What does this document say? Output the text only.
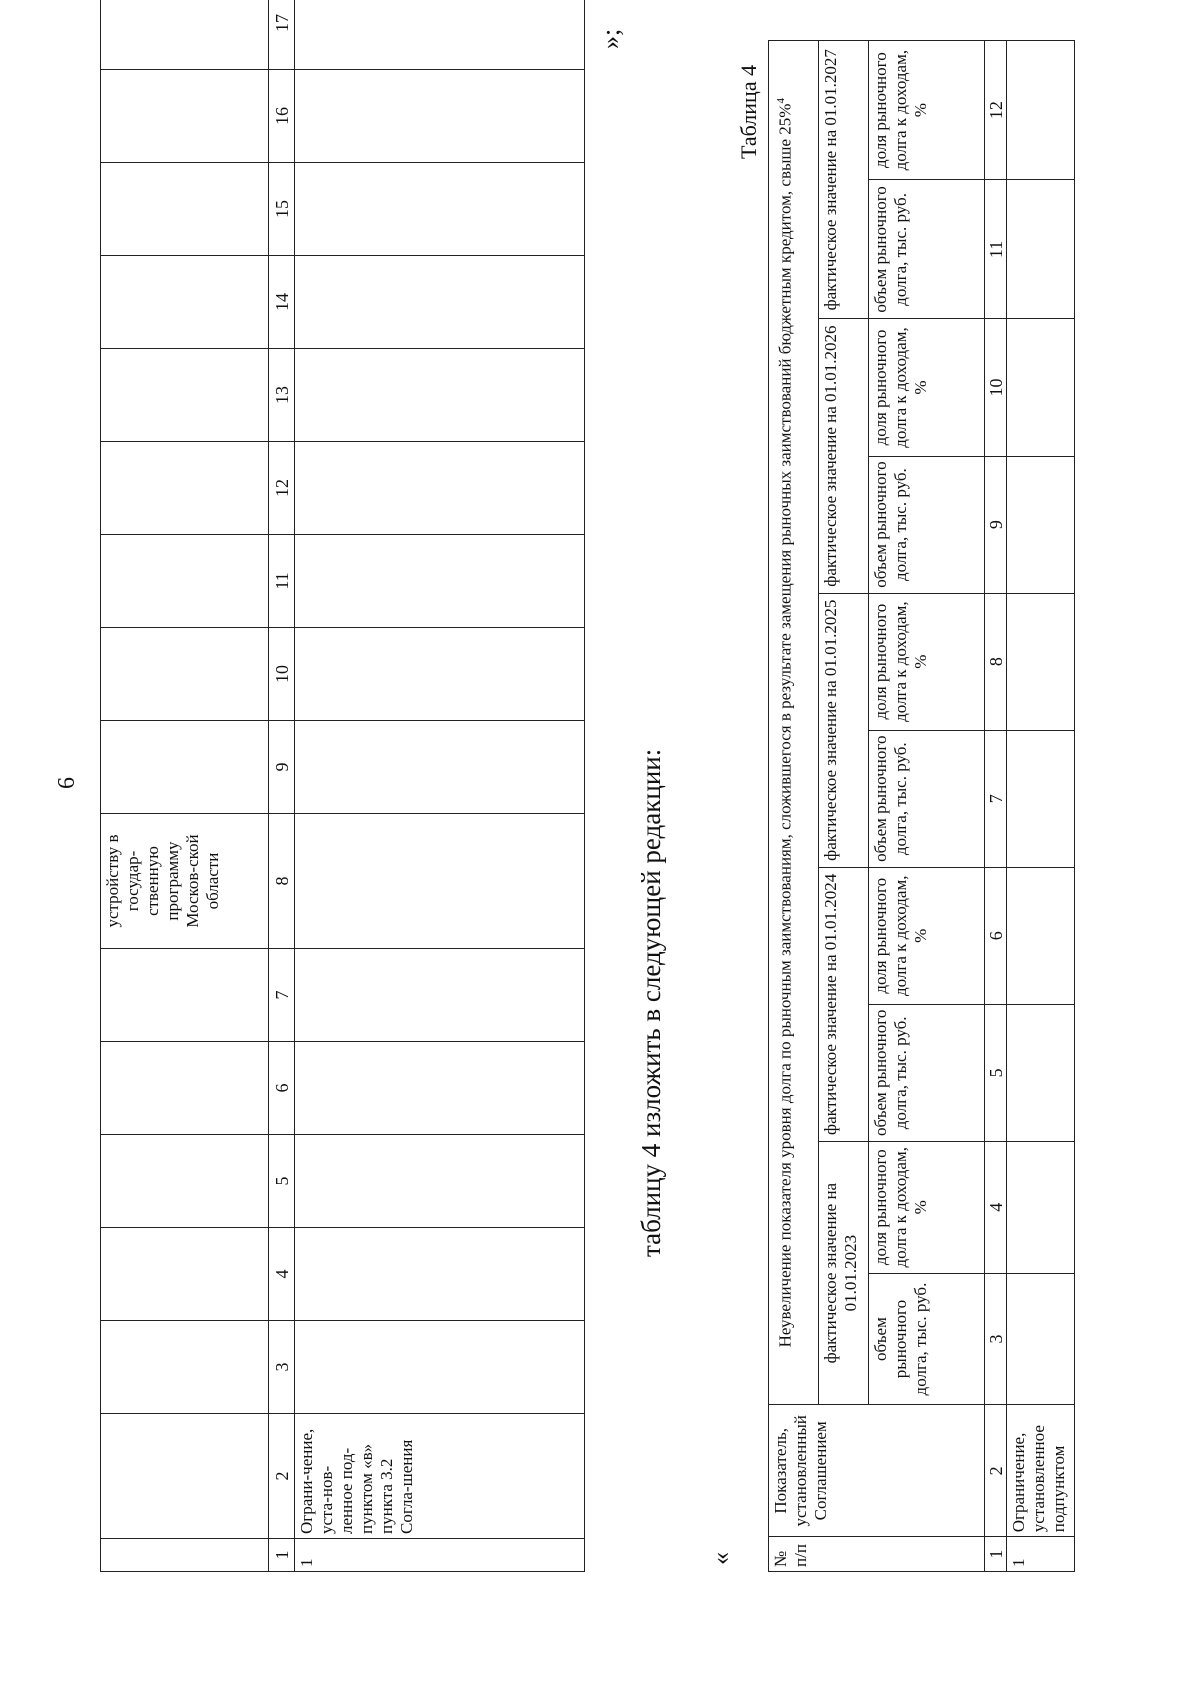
6
							устройству в государ-ственную программу Москов-ской области										
1	2	3	4	5	6	7	8	9	10	11	12	13	14	15	16	17	
1	Ограни-чение, уста-нов-ленное под-пунктом «в» пункта 3.2 Согла-шения																
»;
таблицу 4 изложить в следующей редакции:
«
Таблица 4
№ п/п	Показатель, установленный Соглашением	Неувеличение показателя уровня долга по рыночным заимствованиям, сложившегося в результате замещения рыночных заимствований бюджетным кредитом, свыше 25%$^4$
		фактическое значение на 01.01.2023		фактическое значение на 01.01.2024		фактическое значение на 01.01.2025		фактическое значение на 01.01.2026		фактическое значение на 01.01.2027	
		объем рыночного долга, тыс. руб.	доля рыночного долга к доходам, %	объем рыночного долга, тыс. руб.	доля рыночного долга к доходам, %	объем рыночного долга, тыс. руб.	доля рыночного долга к доходам, %	объем рыночного долга, тыс. руб.	доля рыночного долга к доходам, %	объем рыночного долга, тыс. руб.	доля рыночного долга к доходам, %
1	2	3	4	5	6	7	8	9	10	11	12
1	Ограничение, установленное подпунктом										
